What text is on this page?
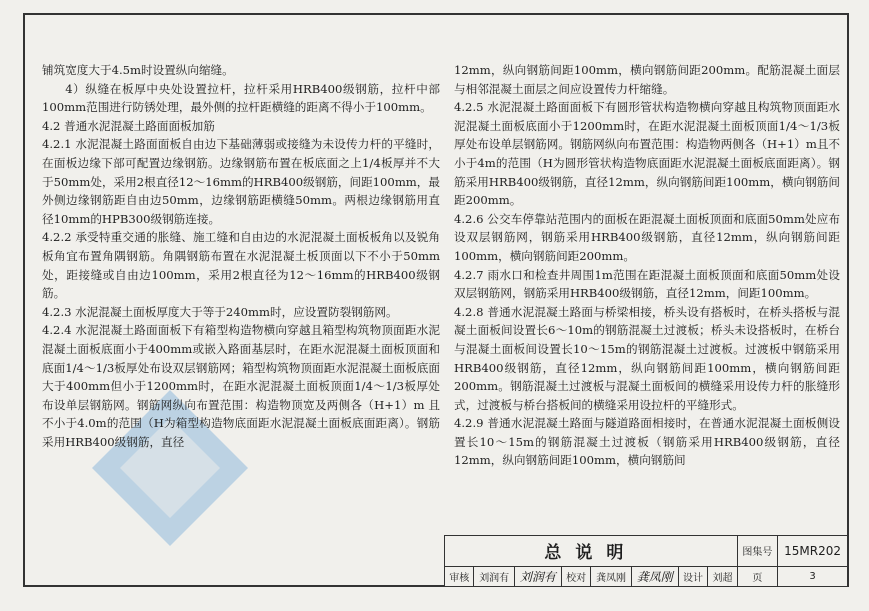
铺筑宽度大于4.5m时设置纵向缩缝。

4）纵缝在板厚中央处设置拉杆，拉杆采用HRB400级钢筋，拉杆中部100mm范围进行防锈处理，最外侧的拉杆距横缝的距离不得小于100mm。

4.2 普通水泥混凝土路面面板加筋

4.2.1 水泥混凝土路面面板自由边下基础薄弱或接缝为未设传力杆的平缝时，在面板边缘下部可配置边缘钢筋。边缘钢筋布置在板底面之上1/4板厚并不大于50mm处，采用2根直径12～16mm的HRB400级钢筋，间距100mm，最外侧边缘钢筋距自由边50mm，边缘钢筋距横缝50mm。两根边缘钢筋用直径10mm的HPB300级钢筋连接。

4.2.2 承受特重交通的胀缝、施工缝和自由边的水泥混凝土面板板角以及锐角板角宜布置角隅钢筋。角隅钢筋布置在水泥混凝土板顶面以下不小于50mm处，距接缝或自由边100mm，采用2根直径为12～16mm的HRB400级钢筋。

4.2.3 水泥混凝土面板厚度大于等于240mm时，应设置防裂钢筋网。

4.2.4 水泥混凝土路面面板下有箱型构造物横向穿越且箱型构筑物顶面距水泥混凝土面板底面小于400mm或嵌入路面基层时，在距水泥混凝土面板顶面和底面1/4～1/3板厚处布设双层钢筋网；箱型构筑物顶面距水泥混凝土面板底面大于400mm但小于1200mm时，在距水泥混凝土面板顶面1/4～1/3板厚处布设单层钢筋网。钢筋网纵向布置范围：构造物顶宽及两侧各（H+1）m 且不小于4.0m的范围（H为箱型构造物底面距水泥混凝土面板底面距离）。钢筋采用HRB400级钢筋，直径

12mm，纵向钢筋间距100mm，横向钢筋间距200mm。配筋混凝土面层与相邻混凝土面层之间应设置传力杆缩缝。

4.2.5 水泥混凝土路面面板下有圆形管状构造物横向穿越且构筑物顶面距水泥混凝土面板底面小于1200mm时，在距水泥混凝土面板顶面1/4～1/3板厚处布设单层钢筋网。钢筋网纵向布置范围：构造物两侧各（H+1）m且不小于4m的范围（H为圆形管状构造物底面距水泥混凝土面板底面距离）。钢筋采用HRB400级钢筋，直径12mm，纵向钢筋间距100mm，横向钢筋间距200mm。

4.2.6 公交车停靠站范围内的面板在距混凝土面板顶面和底面50mm处应布设双层钢筋网，钢筋采用HRB400级钢筋，直径12mm，纵向钢筋间距100mm，横向钢筋间距200mm。

4.2.7 雨水口和检查井周围1m范围在距混凝土面板顶面和底面50mm处设双层钢筋网，钢筋采用HRB400级钢筋，直径12mm，间距100mm。

4.2.8 普通水泥混凝土路面与桥梁相接，桥头设有搭板时，在桥头搭板与混凝土面板间设置长6～10m的钢筋混凝土过渡板；桥头未设搭板时，在桥台与混凝土面板间设置长10～15m的钢筋混凝土过渡板。过渡板中钢筋采用HRB400级钢筋，直径12mm，纵向钢筋间距100mm，横向钢筋间距200mm。钢筋混凝土过渡板与混凝土面板间的横缝采用设传力杆的胀缝形式，过渡板与桥台搭板间的横缝采用设拉杆的平缝形式。

4.2.9 普通水泥混凝土路面与隧道路面相接时，在普通水泥混凝土面板侧设置长10～15m的钢筋混凝土过渡板（钢筋采用HRB400级钢筋，直径12mm，纵向钢筋间距100mm，横向钢筋间

总说明								图集号	15MR202
审核	刘润有	刘润有	校对	龚凤刚	龚凤刚	设计	刘超	页	3
